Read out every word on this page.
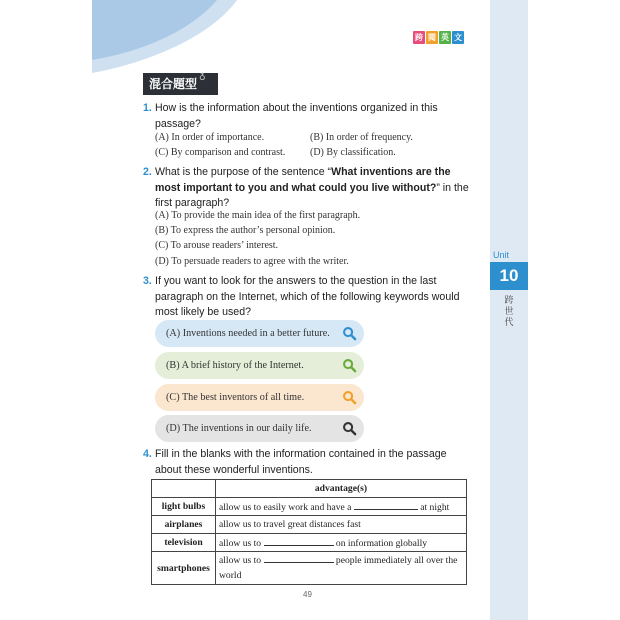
Unit
10
跨世代
跨 閱 英 文
混合題型 ♁
1. How is the information about the inventions organized in this passage?
(A) In order of importance.	(B) In order of frequency.
(C) By comparison and contrast. (D) By classification.
2. What is the purpose of the sentence “What inventions are the most important to you and what could you live without?” in the first paragraph?
(A) To provide the main idea of the first paragraph.
(B) To express the author’s personal opinion.
(C) To arouse readers’ interest.
(D) To persuade readers to agree with the writer.
3. If you want to look for the answers to the question in the last paragraph on the Internet, which of the following keywords would most likely be used?
(A) Inventions needed in a better future.
(B) A brief history of the Internet.
(C) The best inventors of all time.
(D) The inventions in our daily life.
4. Fill in the blanks with the information contained in the passage about these wonderful inventions.
	advantage(s)
light bulbs	allow us to easily work and have a at night
airplanes	allow us to travel great distances fast
television	allow us to on information globally
smartphones	allow us to people immediately all over the world
49
